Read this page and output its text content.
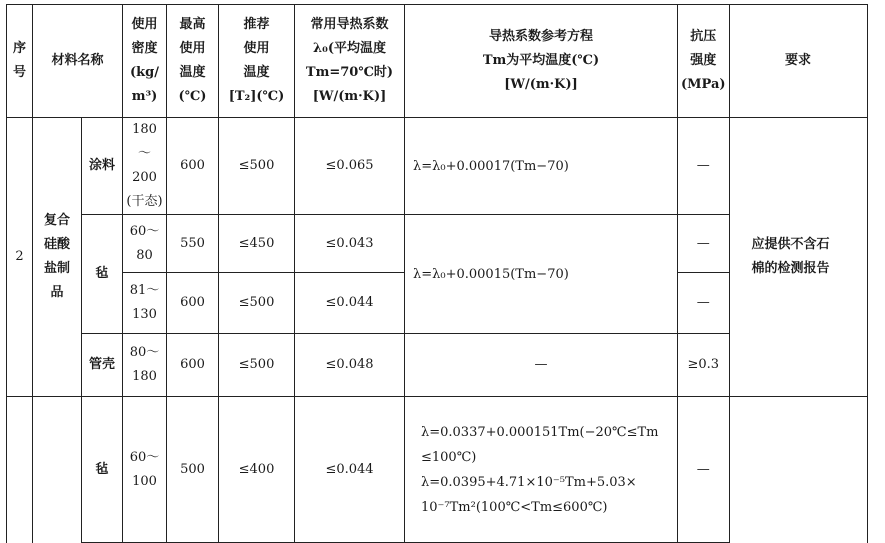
序
号	材料名称		使用
密度
(kg/
m³)	最高
使用
温度
(℃)	推荐
使用
温度
[T₂](℃)	常用导热系数
λ₀(平均温度
Tm=70℃时)
[W/(m·K)]	导热系数参考方程
Tm为平均温度(℃)
[W/(m·K)]	抗压
强度
(MPa)	要求
2	复合
硅酸
盐制
品	涂料	180～
200
(干态)	600	≤500	≤0.065	λ=λ₀+0.00017(Tm−70)	—	应提供不含石
棉的检测报告
		毡	60～
80	550	≤450	≤0.043	λ=λ₀+0.00015(Tm−70)	—	
			81～
130	600	≤500	≤0.044		—	
		管壳	80～
180	600	≤500	≤0.048	—	≥0.3	
		毡	60～
100	500	≤400	≤0.044	λ=0.0337+0.000151Tm(−20℃≤Tm
≤100℃)
λ=0.0395+4.71×10⁻⁵Tm+5.03×
10⁻⁷Tm²(100℃<Tm≤600℃)	—	
